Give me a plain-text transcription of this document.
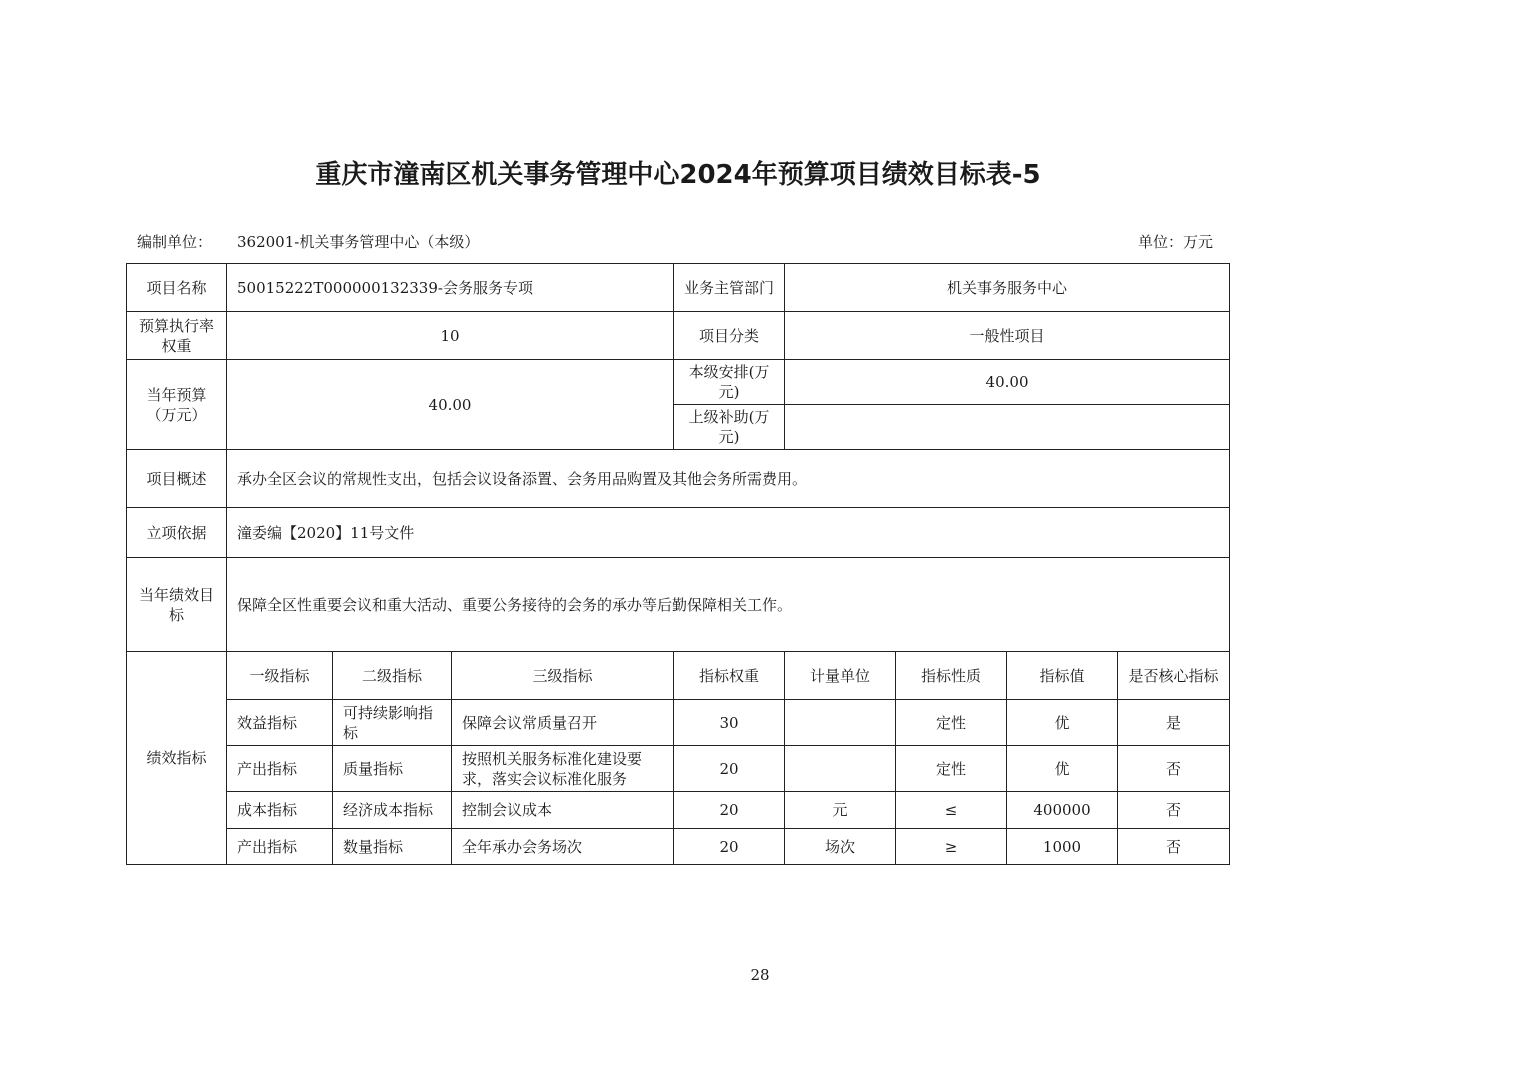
重庆市潼南区机关事务管理中心2024年预算项目绩效目标表-5
编制单位： 362001-机关事务管理中心（本级）	单位：万元
项目名称	50015222T000000132339-会务服务专项			业务主管部门	机关事务服务中心			
预算执行率权重	10			项目分类	一般性项目			
当年预算（万元）	40.00			本级安排(万元)	40.00			
				上级补助(万元)				
项目概述	承办全区会议的常规性支出，包括会议设备添置、会务用品购置及其他会务所需费用。							
立项依据	潼委编【2020】11号文件							
当年绩效目标	保障全区性重要会议和重大活动、重要公务接待的会务的承办等后勤保障相关工作。							
绩效指标	一级指标	二级指标	三级指标	指标权重	计量单位	指标性质	指标值	是否核心指标
	效益指标	可持续影响指标	保障会议常质量召开	30		定性	优	是
	产出指标	质量指标	按照机关服务标准化建设要求，落实会议标准化服务	20		定性	优	否
	成本指标	经济成本指标	控制会议成本	20	元	≤	400000	否
	产出指标	数量指标	全年承办会务场次	20	场次	≥	1000	否
28
